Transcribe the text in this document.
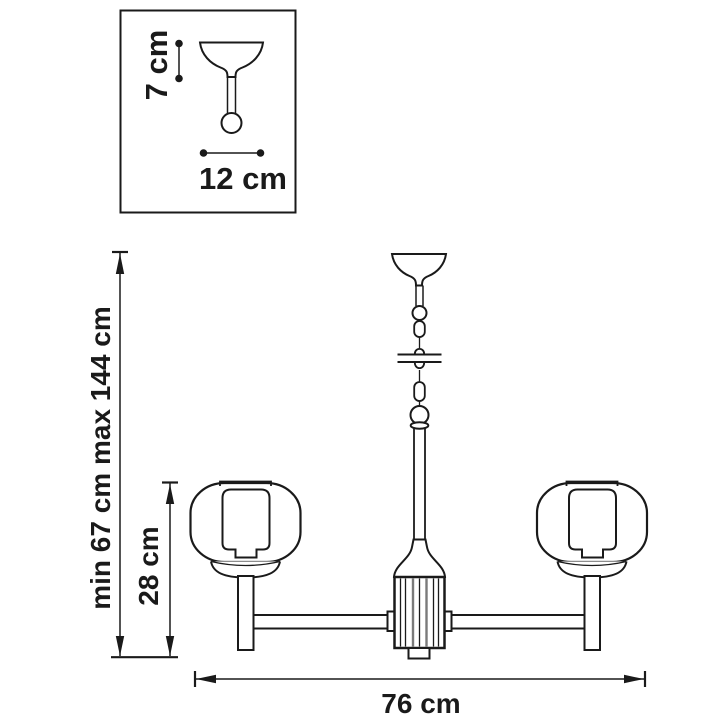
7 cm
12 cm
min 67 cm max 144 cm 28 cm
76 cm
